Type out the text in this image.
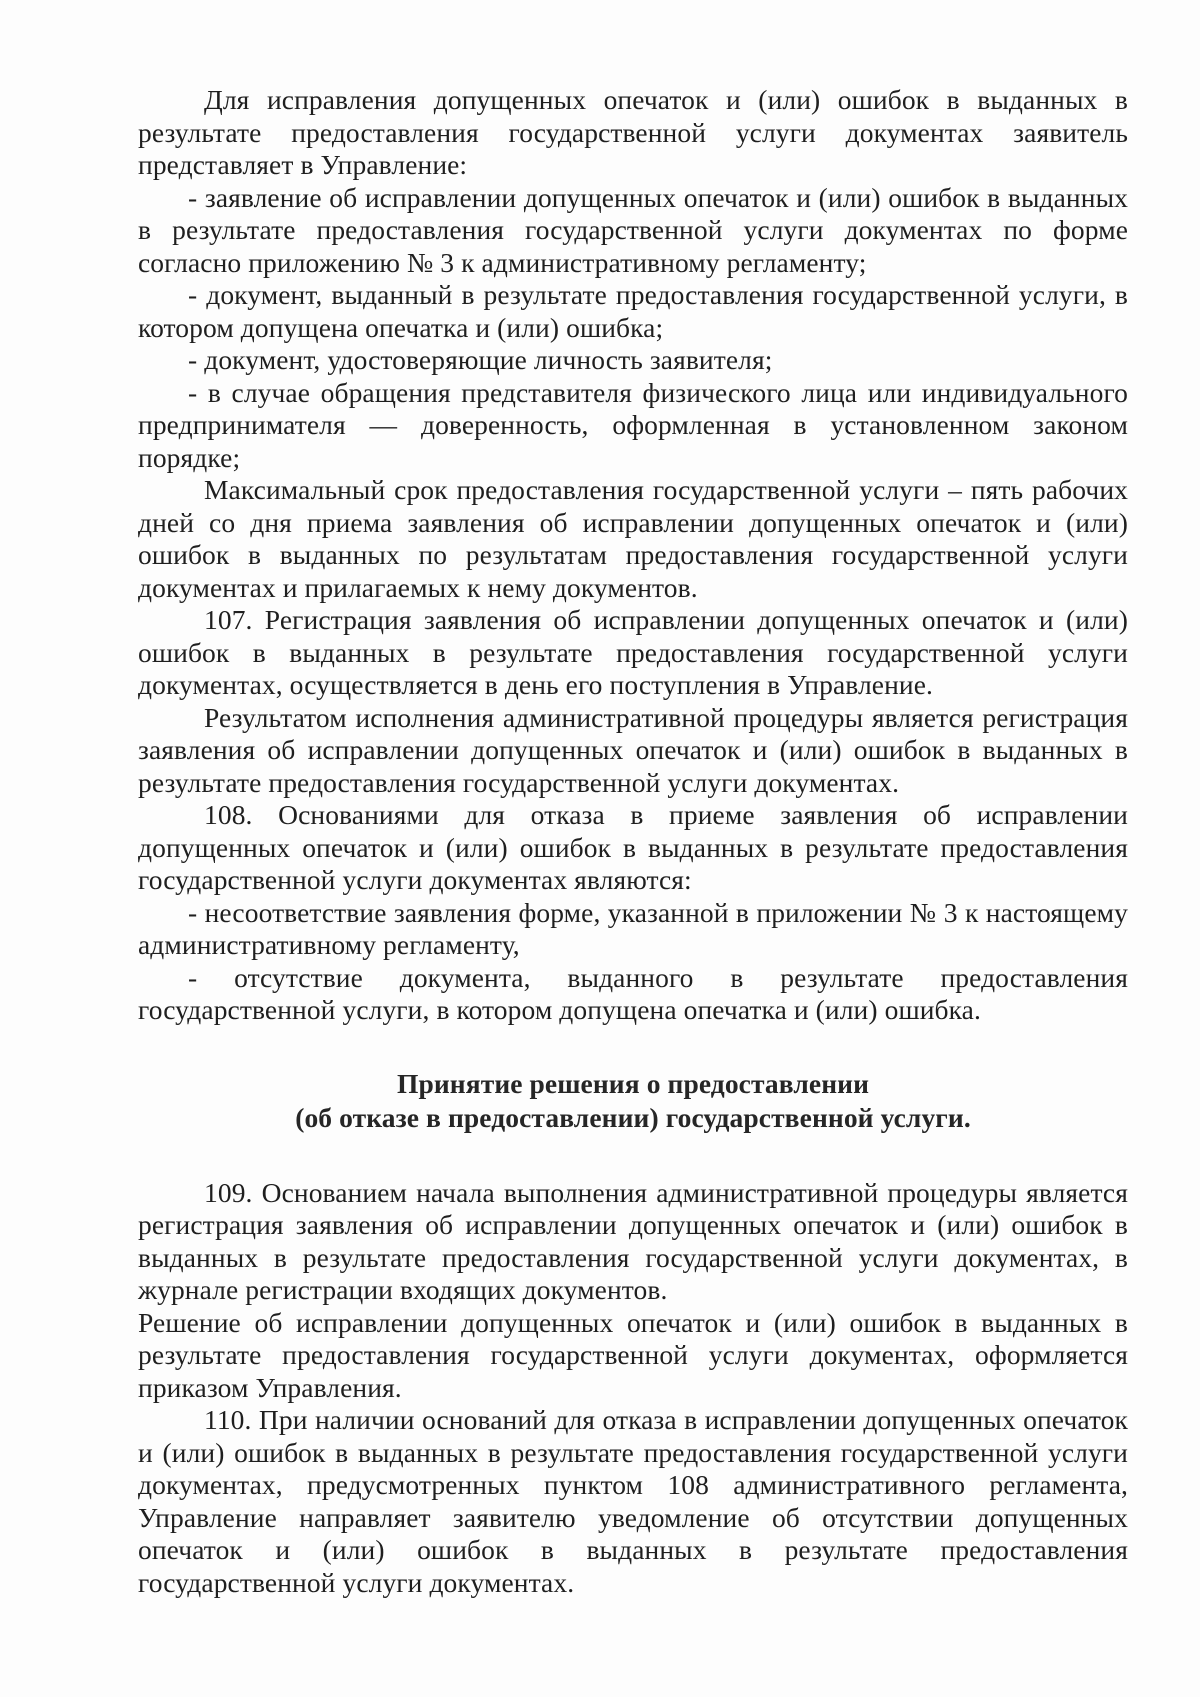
Для исправления допущенных опечаток и (или) ошибок в выданных в результате предоставления государственной услуги документах заявитель представляет в Управление:

- заявление об исправлении допущенных опечаток и (или) ошибок в выданных в результате предоставления государственной услуги документах по форме согласно приложению № 3 к административному регламенту;

- документ, выданный в результате предоставления государственной услуги, в котором допущена опечатка и (или) ошибка;

- документ, удостоверяющие личность заявителя;

- в случае обращения представителя физического лица или индивидуального предпринимателя — доверенность, оформленная в установленном законом порядке;

Максимальный срок предоставления государственной услуги – пять рабочих дней со дня приема заявления об исправлении допущенных опечаток и (или) ошибок в выданных по результатам предоставления государственной услуги документах и прилагаемых к нему документов.

107. Регистрация заявления об исправлении допущенных опечаток и (или) ошибок в выданных в результате предоставления государственной услуги документах, осуществляется в день его поступления в Управление.

Результатом исполнения административной процедуры является регистрация заявления об исправлении допущенных опечаток и (или) ошибок в выданных в результате предоставления государственной услуги документах.

108. Основаниями для отказа в приеме заявления об исправлении допущенных опечаток и (или) ошибок в выданных в результате предоставления государственной услуги документах являются:

- несоответствие заявления форме, указанной в приложении № 3 к настоящему административному регламенту,

- отсутствие документа, выданного в результате предоставления государственной услуги, в котором допущена опечатка и (или) ошибка.

Принятие решения о предоставлении
(об отказе в предоставлении) государственной услуги.

109. Основанием начала выполнения административной процедуры является регистрация заявления об исправлении допущенных опечаток и (или) ошибок в выданных в результате предоставления государственной услуги документах, в журнале регистрации входящих документов.

Решение об исправлении допущенных опечаток и (или) ошибок в выданных в результате предоставления государственной услуги документах, оформляется приказом Управления.

110. При наличии оснований для отказа в исправлении допущенных опечаток и (или) ошибок в выданных в результате предоставления государственной услуги документах, предусмотренных пунктом 108 административного регламента, Управление направляет заявителю уведомление об отсутствии допущенных опечаток и (или) ошибок в выданных в результате предоставления государственной услуги документах.
